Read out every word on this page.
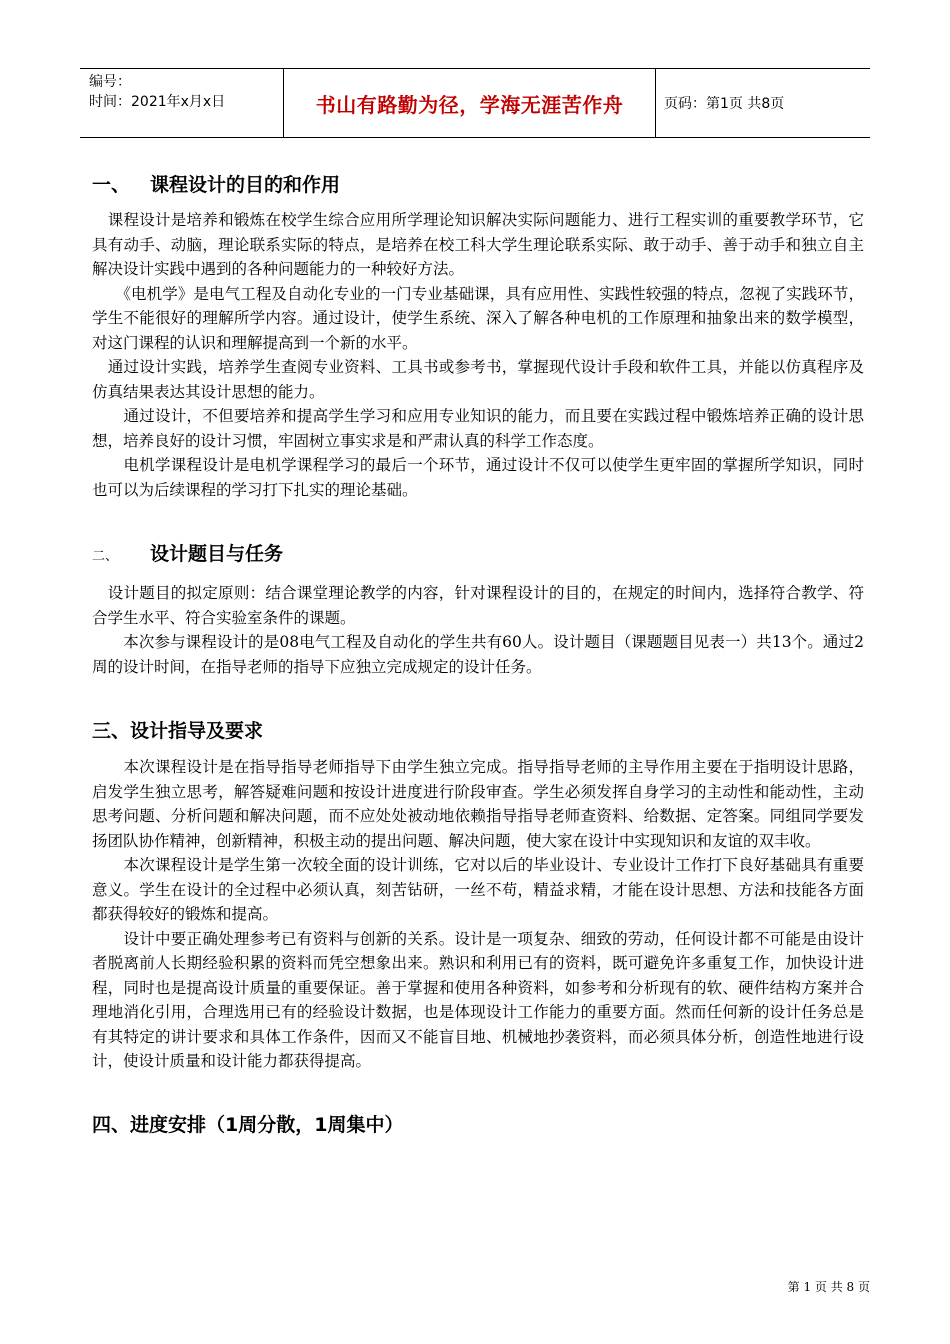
编号：
时间：2021年x月x日	书山有路勤为径，学海无涯苦作舟	页码：第1页 共8页
一、 课程设计的目的和作用

　课程设计是培养和锻炼在校学生综合应用所学理论知识解决实际问题能力、进行工程实训的重要教学环节，它具有动手、动脑，理论联系实际的特点，是培养在校工科大学生理论联系实际、敢于动手、善于动手和独立自主解决设计实践中遇到的各种问题能力的一种较好方法。

　　《电机学》是电气工程及自动化专业的一门专业基础课，具有应用性、实践性较强的特点，忽视了实践环节，学生不能很好的理解所学内容。通过设计，使学生系统、深入了解各种电机的工作原理和抽象出来的数学模型，对这门课程的认识和理解提高到一个新的水平。

　通过设计实践，培养学生查阅专业资料、工具书或参考书，掌握现代设计手段和软件工具，并能以仿真程序及仿真结果表达其设计思想的能力。

　　通过设计，不但要培养和提高学生学习和应用专业知识的能力，而且要在实践过程中锻炼培养正确的设计思想，培养良好的设计习惯，牢固树立事实求是和严肃认真的科学工作态度。

　　电机学课程设计是电机学课程学习的最后一个环节，通过设计不仅可以使学生更牢固的掌握所学知识，同时也可以为后续课程的学习打下扎实的理论基础。

二、 设计题目与任务

　设计题目的拟定原则：结合课堂理论教学的内容，针对课程设计的目的，在规定的时间内，选择符合教学、符合学生水平、符合实验室条件的课题。

　　本次参与课程设计的是08电气工程及自动化的学生共有60人。设计题目（课题题目见表一）共13个。通过2周的设计时间，在指导老师的指导下应独立完成规定的设计任务。

三、设计指导及要求

　　本次课程设计是在指导指导老师指导下由学生独立完成。指导指导老师的主导作用主要在于指明设计思路，启发学生独立思考，解答疑难问题和按设计进度进行阶段审查。学生必须发挥自身学习的主动性和能动性，主动思考问题、分析问题和解决问题，而不应处处被动地依赖指导指导老师查资料、给数据、定答案。同组同学要发扬团队协作精神，创新精神，积极主动的提出问题、解决问题，使大家在设计中实现知识和友谊的双丰收。

　　本次课程设计是学生第一次较全面的设计训练，它对以后的毕业设计、专业设计工作打下良好基础具有重要意义。学生在设计的全过程中必须认真，刻苦钻研，一丝不苟，精益求精，才能在设计思想、方法和技能各方面都获得较好的锻炼和提高。

　　设计中要正确处理参考已有资料与创新的关系。设计是一项复杂、细致的劳动，任何设计都不可能是由设计者脱离前人长期经验积累的资料而凭空想象出来。熟识和利用已有的资料，既可避免许多重复工作，加快设计进程，同时也是提高设计质量的重要保证。善于掌握和使用各种资料，如参考和分析现有的软、硬件结构方案并合理地消化引用，合理选用已有的经验设计数据，也是体现设计工作能力的重要方面。然而任何新的设计任务总是有其特定的讲计要求和具体工作条件，因而又不能盲目地、机械地抄袭资料，而必须具体分析，创造性地进行设计，使设计质量和设计能力都获得提高。

四、进度安排（1周分散，1周集中）
第 1 页 共 8 页
